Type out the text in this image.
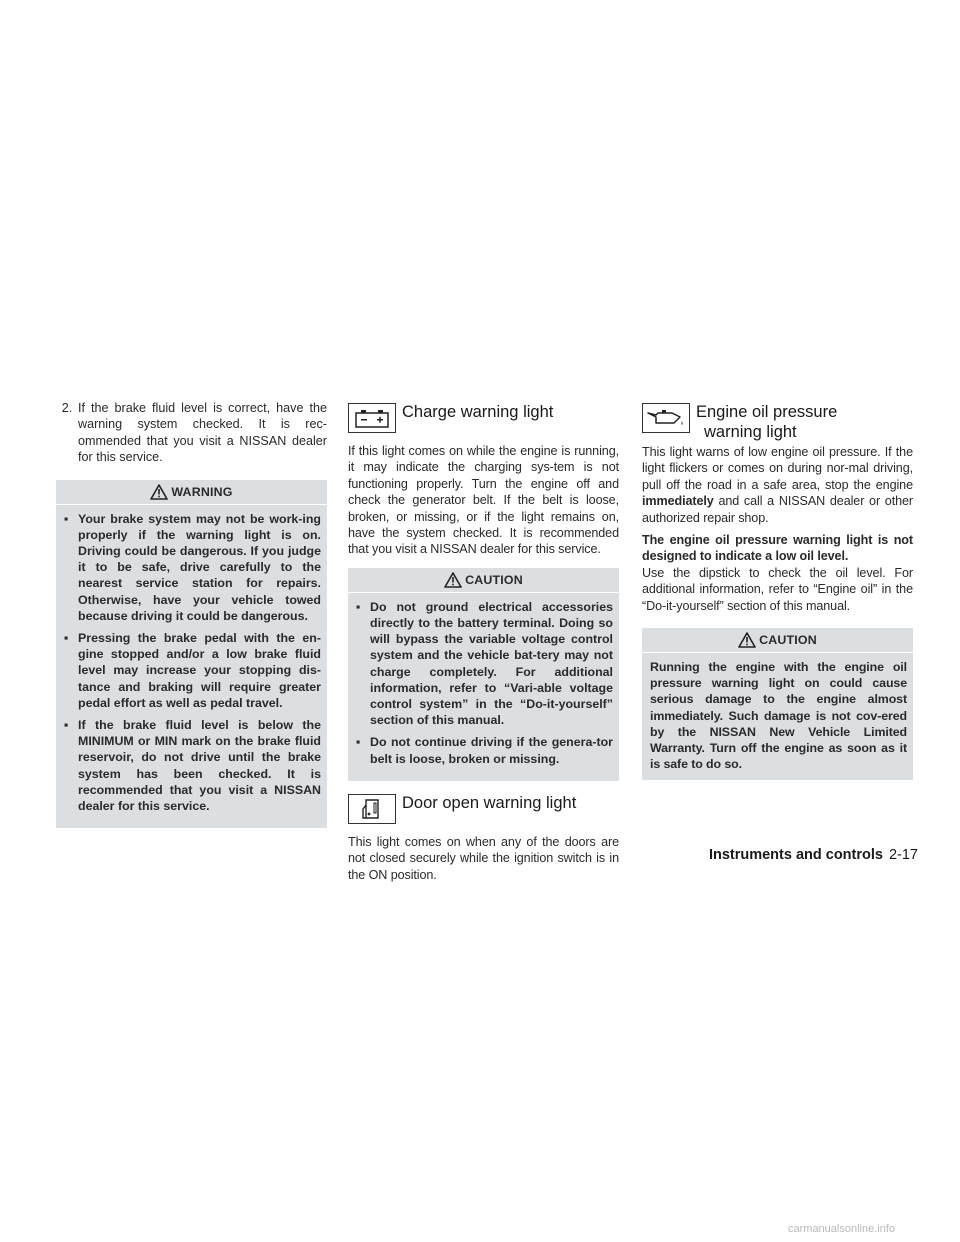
2. If the brake fluid level is correct, have the warning system checked. It is rec-ommended that you visit a NISSAN dealer for this service.
WARNING
▪ Your brake system may not be work-ing properly if the warning light is on. Driving could be dangerous. If you judge it to be safe, drive carefully to the nearest service station for repairs. Otherwise, have your vehicle towed because driving it could be dangerous.
▪ Pressing the brake pedal with the en-gine stopped and/or a low brake fluid level may increase your stopping dis-tance and braking will require greater pedal effort as well as pedal travel.
▪ If the brake fluid level is below the MINIMUM or MIN mark on the brake fluid reservoir, do not drive until the brake system has been checked. It is recommended that you visit a NISSAN dealer for this service.
Charge warning light

If this light comes on while the engine is running, it may indicate the charging sys-tem is not functioning properly. Turn the engine off and check the generator belt. If the belt is loose, broken, or missing, or if the light remains on, have the system checked. It is recommended that you visit a NISSAN dealer for this service.

CAUTION
▪ Do not ground electrical accessories directly to the battery terminal. Doing so will bypass the variable voltage control system and the vehicle bat-tery may not charge completely. For additional information, refer to “Vari-able voltage control system” in the “Do-it-yourself” section of this manual.
▪ Do not continue driving if the genera-tor belt is loose, broken or missing.
Door open warning light

This light comes on when any of the doors are not closed securely while the ignition switch is in the ON position.

Engine oil pressure
warning light

This light warns of low engine oil pressure. If the light flickers or comes on during nor-mal driving, pull off the road in a safe area, stop the engine immediately and call a NISSAN dealer or other authorized repair shop.

The engine oil pressure warning light is not designed to indicate a low oil level.

Use the dipstick to check the oil level. For additional information, refer to “Engine oil” in the “Do-it-yourself” section of this manual.

CAUTION

Running the engine with the engine oil pressure warning light on could cause serious damage to the engine almost immediately. Such damage is not cov-ered by the NISSAN New Vehicle Limited Warranty. Turn off the engine as soon as it is safe to do so.

Instruments and controls 2-17
carmanualsonline.info
